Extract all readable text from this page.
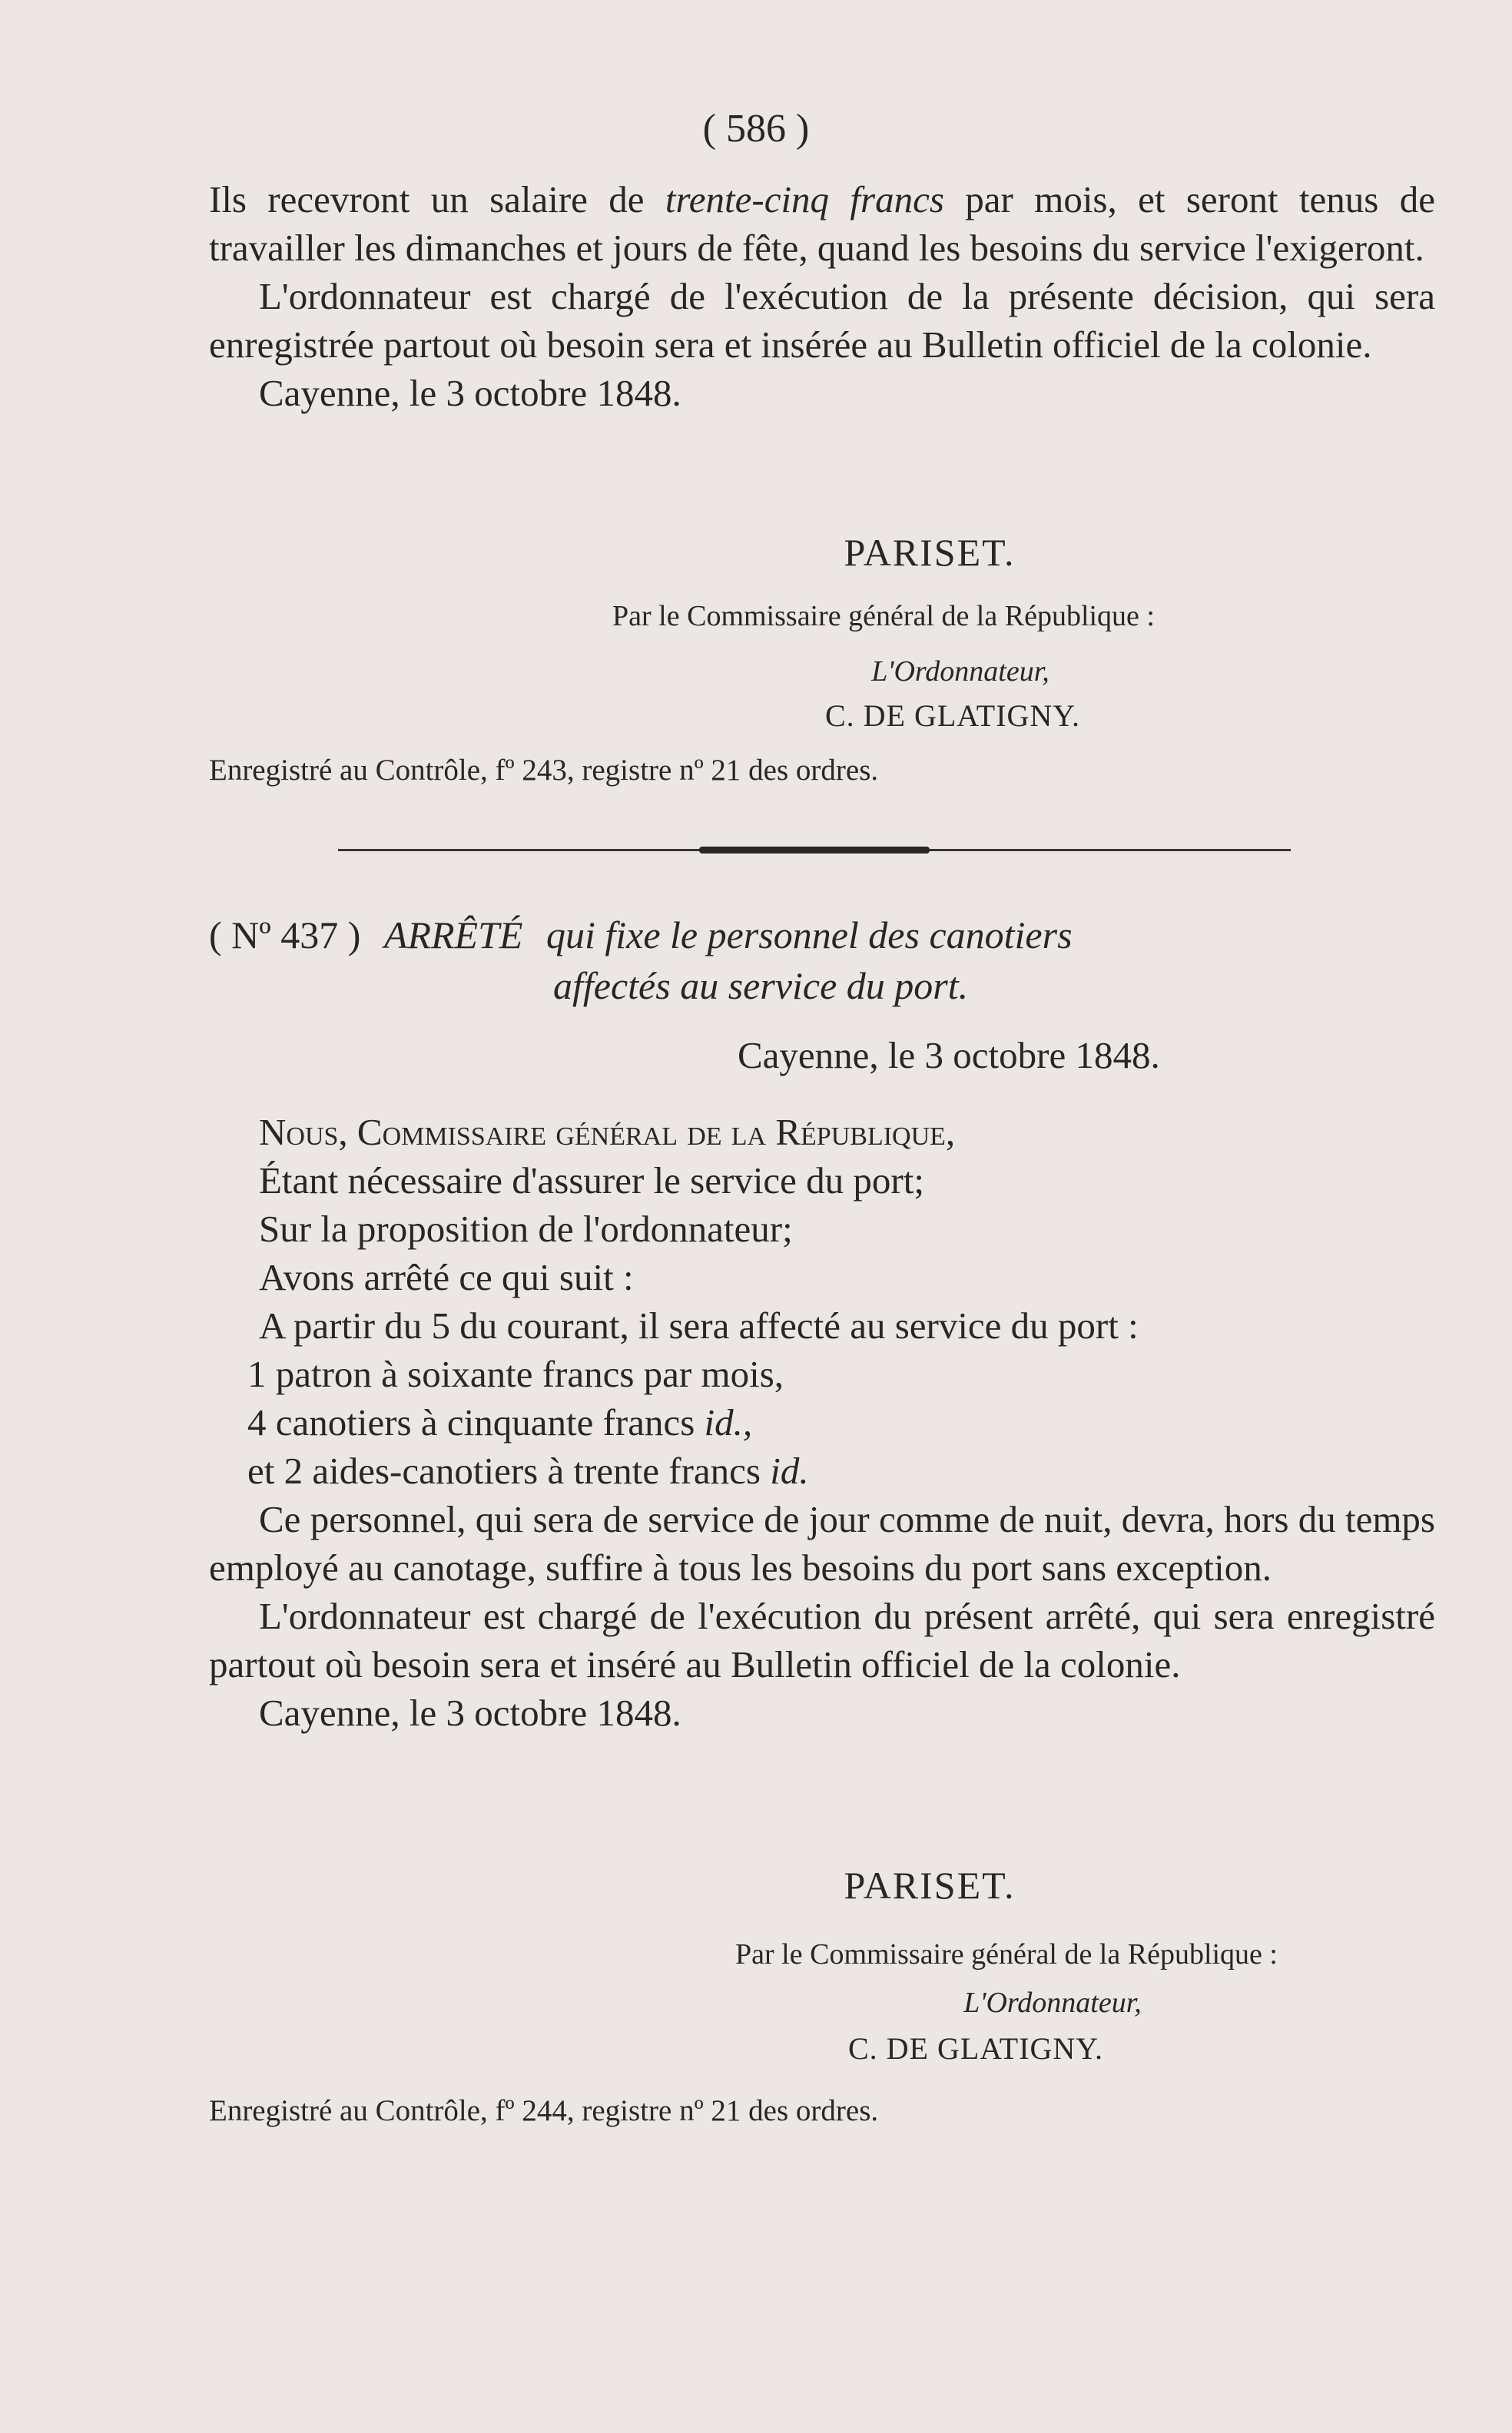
( 586 )

Ils recevront un salaire de trente-cinq francs par mois, et seront tenus de travailler les dimanches et jours de fête, quand les besoins du service l'exigeront.

L'ordonnateur est chargé de l'exécution de la présente décision, qui sera enregistrée partout où besoin sera et insérée au Bulletin officiel de la colonie.

Cayenne, le 3 octobre 1848.

PARISET.
Par le Commissaire général de la République :
L'Ordonnateur,
C. DE GLATIGNY.
Enregistré au Contrôle, fº 243, registre nº 21 des ordres.
( Nº 437 ) ARRÊTÉ qui fixe le personnel des canotiers
affectés au service du port.
Cayenne, le 3 octobre 1848.

Nous, Commissaire général de la République,

Étant nécessaire d'assurer le service du port;

Sur la proposition de l'ordonnateur;

Avons arrêté ce qui suit :

A partir du 5 du courant, il sera affecté au service du port :

1 patron à soixante francs par mois,
4 canotiers à cinquante francs id.,
et 2 aides-canotiers à trente francs id.

Ce personnel, qui sera de service de jour comme de nuit, devra, hors du temps employé au canotage, suffire à tous les besoins du port sans exception.

L'ordonnateur est chargé de l'exécution du présent arrêté, qui sera enregistré partout où besoin sera et inséré au Bulletin officiel de la colonie.

Cayenne, le 3 octobre 1848.

PARISET.
Par le Commissaire général de la République :
L'Ordonnateur,
C. DE GLATIGNY.
Enregistré au Contrôle, fº 244, registre nº 21 des ordres.
